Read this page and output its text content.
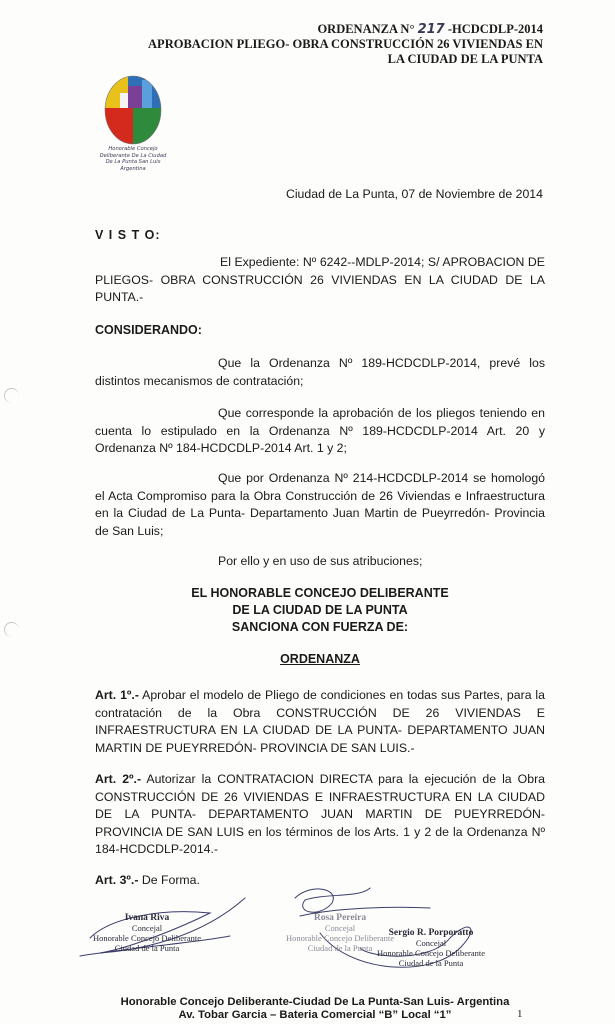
ORDENANZA N° 217 -HCDCDLP-2014
APROBACION PLIEGO- OBRA CONSTRUCCIÓN 26 VIVIENDAS EN
LA CIUDAD DE LA PUNTA
Honorable Concejo Deliberante De La Ciudad De La Punta San Luis Argentina
Ciudad de La Punta, 07 de Noviembre de 2014
V I S T O:

El Expediente: Nº 6242--MDLP-2014; S/ APROBACION DE PLIEGOS- OBRA CONSTRUCCIÓN 26 VIVIENDAS EN LA CIUDAD DE LA PUNTA.-

CONSIDERANDO:

Que la Ordenanza Nº 189-HCDCDLP-2014, prevé los distintos mecanismos de contratación;

Que corresponde la aprobación de los pliegos teniendo en cuenta lo estipulado en la Ordenanza Nº 189-HCDCDLP-2014 Art. 20 y Ordenanza Nº 184-HCDCDLP-2014 Art. 1 y 2;

Que por Ordenanza Nº 214-HCDCDLP-2014 se homologó el Acta Compromiso para la Obra Construcción de 26 Viviendas e Infraestructura en la Ciudad de La Punta- Departamento Juan Martin de Pueyrredón- Provincia de San Luis;

Por ello y en uso de sus atribuciones;

EL HONORABLE CONCEJO DELIBERANTE
DE LA CIUDAD DE LA PUNTA
SANCIONA CON FUERZA DE:
ORDENANZA

Art. 1º.- Aprobar el modelo de Pliego de condiciones en todas sus Partes, para la contratación de la Obra CONSTRUCCIÓN DE 26 VIVIENDAS E INFRAESTRUCTURA EN LA CIUDAD DE LA PUNTA- DEPARTAMENTO JUAN MARTIN DE PUEYRREDÓN- PROVINCIA DE SAN LUIS.-

Art. 2º.- Autorizar la CONTRATACION DIRECTA para la ejecución de la Obra CONSTRUCCIÓN DE 26 VIVIENDAS E INFRAESTRUCTURA EN LA CIUDAD DE LA PUNTA- DEPARTAMENTO JUAN MARTIN DE PUEYRREDÓN- PROVINCIA DE SAN LUIS en los términos de los Arts. 1 y 2 de la Ordenanza Nº 184-HCDCDLP-2014.-

Art. 3º.- De Forma.

Ivana Riva
Concejal
Honorable Concejo Deliberante
Ciudad de la Punta
Rosa Pereira
Concejal
Honorable Concejo Deliberante
Ciudad de la Punta
Sergio R. Porporatto
Concejal
Honorable Concejo Deliberante
Ciudad de la Punta
Honorable Concejo Deliberante-Ciudad De La Punta-San Luis- Argentina
Av. Tobar Garcia – Bateria Comercial “B” Local “1”	1
